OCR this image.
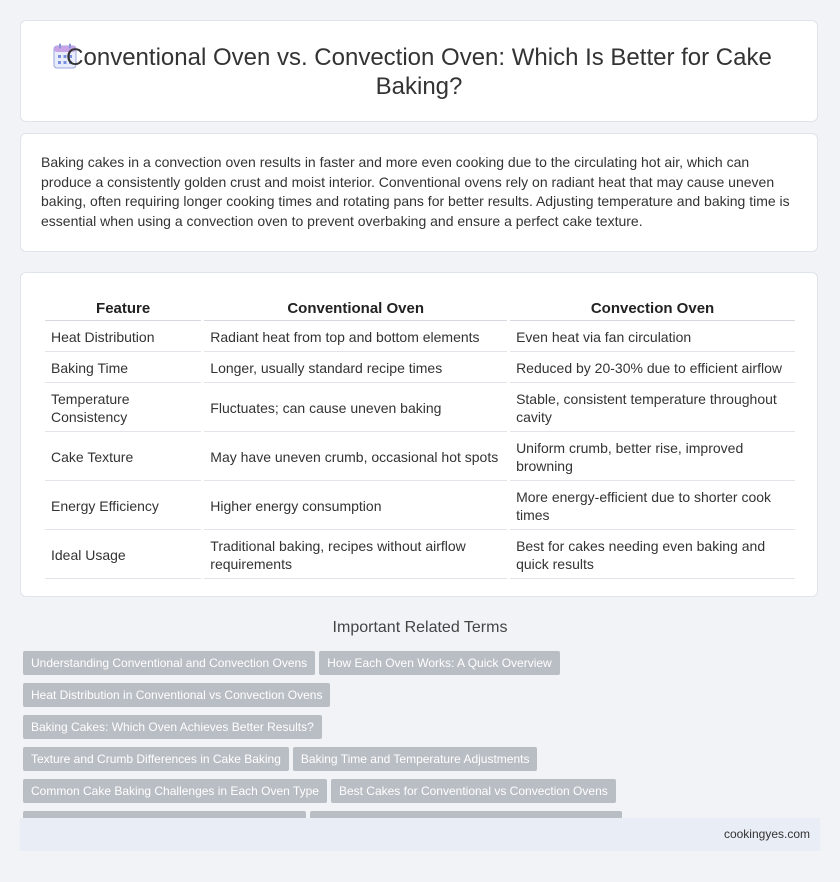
Conventional Oven vs. Convection Oven: Which Is Better for Cake Baking?

Baking cakes in a convection oven results in faster and more even cooking due to the circulating hot air, which can produce a consistently golden crust and moist interior. Conventional ovens rely on radiant heat that may cause uneven baking, often requiring longer cooking times and rotating pans for better results. Adjusting temperature and baking time is essential when using a convection oven to prevent overbaking and ensure a perfect cake texture.

Feature	Conventional Oven	Convection Oven
Heat Distribution	Radiant heat from top and bottom elements	Even heat via fan circulation
Baking Time	Longer, usually standard recipe times	Reduced by 20-30% due to efficient airflow
Temperature Consistency	Fluctuates; can cause uneven baking	Stable, consistent temperature throughout cavity
Cake Texture	May have uneven crumb, occasional hot spots	Uniform crumb, better rise, improved browning
Energy Efficiency	Higher energy consumption	More energy-efficient due to shorter cook times
Ideal Usage	Traditional baking, recipes without airflow requirements	Best for cakes needing even baking and quick results
Important Related Terms
Understanding Conventional and Convection Ovens How Each Oven Works: A Quick Overview
Heat Distribution in Conventional vs Convection OvensBaking Cakes: Which Oven Achieves Better Results?
Texture and Crumb Differences in Cake Baking Baking Time and Temperature Adjustments
Common Cake Baking Challenges in Each Oven Type Best Cakes for Conventional vs Convection Ovens

cookingyes.com
